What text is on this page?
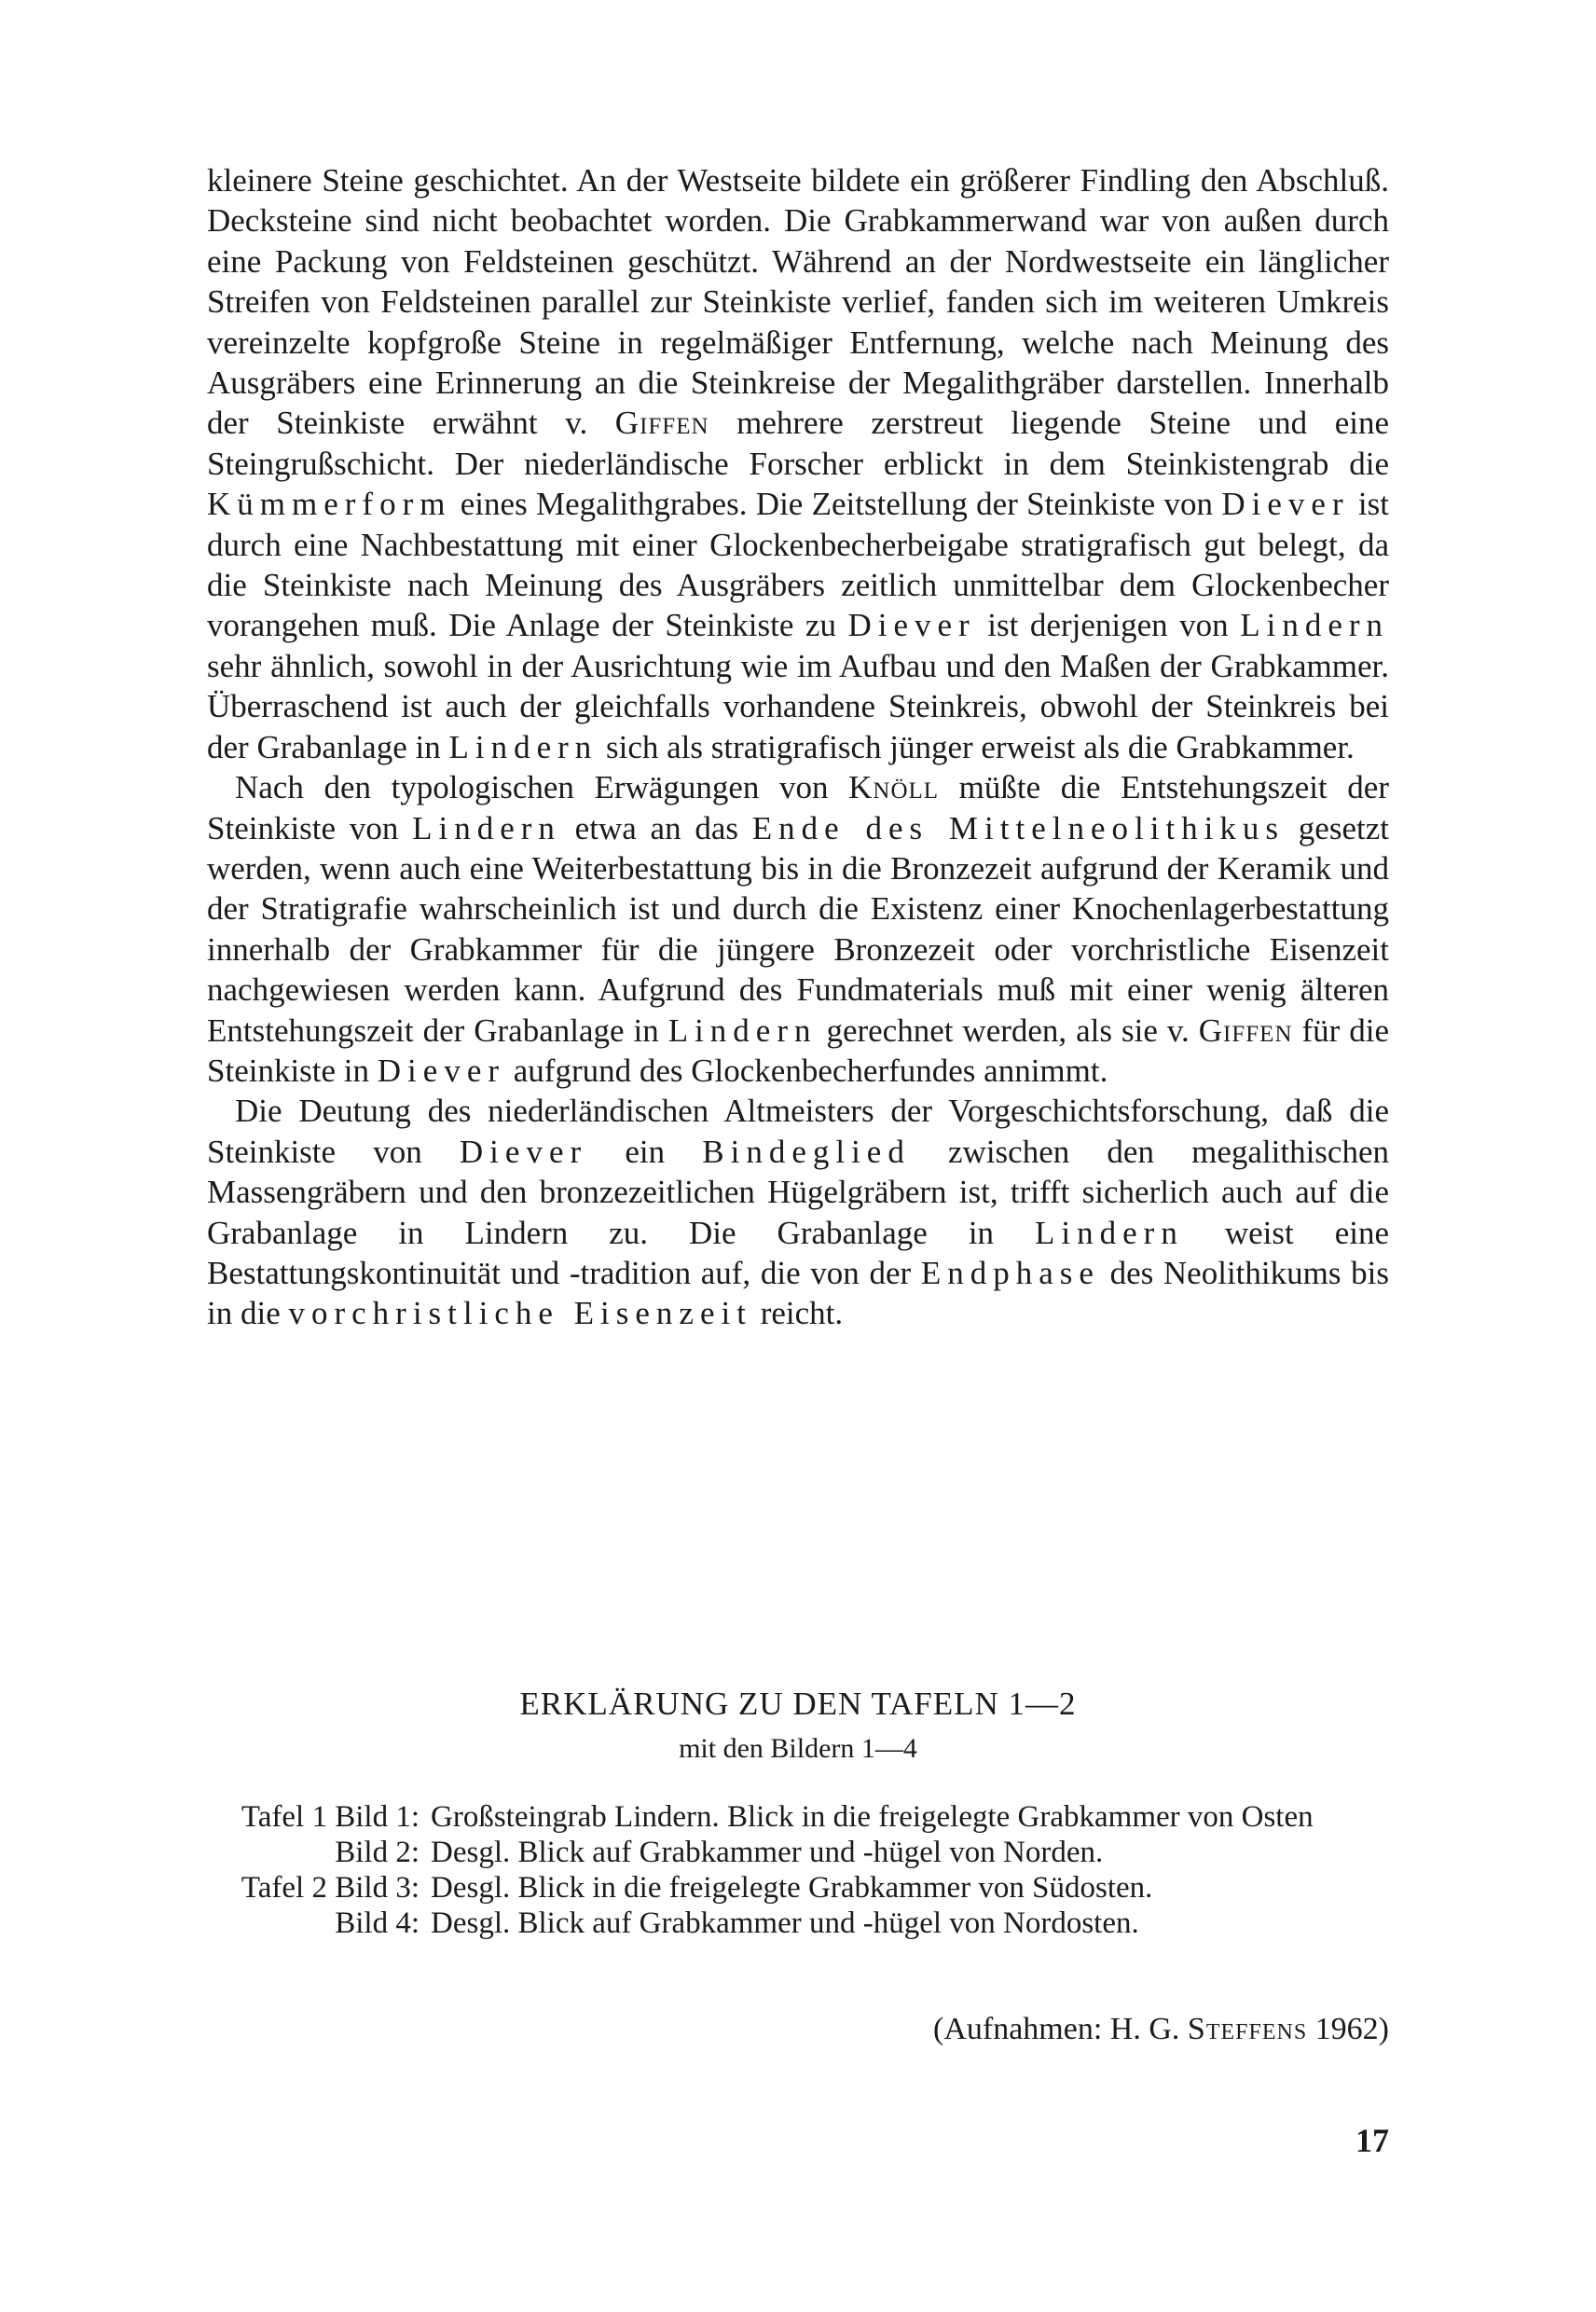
kleinere Steine geschichtet. An der Westseite bildete ein größerer Findling den Abschluß. Decksteine sind nicht beobachtet worden. Die Grabkammerwand war von außen durch eine Packung von Feldsteinen geschützt. Während an der Nordwestseite ein länglicher Streifen von Feldsteinen parallel zur Steinkiste verlief, fanden sich im weiteren Umkreis vereinzelte kopfgroße Steine in regelmäßiger Entfernung, welche nach Meinung des Ausgräbers eine Erinnerung an die Steinkreise der Megalithgräber darstellen. Innerhalb der Steinkiste erwähnt v. Giffen mehrere zerstreut liegende Steine und eine Steingrußschicht. Der niederländische Forscher erblickt in dem Steinkistengrab die Kümmerform eines Megalithgrabes. Die Zeitstellung der Steinkiste von Diever ist durch eine Nachbestattung mit einer Glockenbecherbeigabe stratigrafisch gut belegt, da die Steinkiste nach Meinung des Ausgräbers zeitlich unmittelbar dem Glockenbecher vorangehen muß. Die Anlage der Steinkiste zu Diever ist derjenigen von Lindern sehr ähnlich, sowohl in der Ausrichtung wie im Aufbau und den Maßen der Grabkammer. Überraschend ist auch der gleichfalls vorhandene Steinkreis, obwohl der Steinkreis bei der Grabanlage in Lindern sich als stratigrafisch jünger erweist als die Grabkammer.

Nach den typologischen Erwägungen von Knöll müßte die Entstehungszeit der Steinkiste von Lindern etwa an das Ende des Mittelneolithikus gesetzt werden, wenn auch eine Weiterbestattung bis in die Bronzezeit aufgrund der Keramik und der Stratigrafie wahrscheinlich ist und durch die Existenz einer Knochenlagerbestattung innerhalb der Grabkammer für die jüngere Bronzezeit oder vorchristliche Eisenzeit nachgewiesen werden kann. Aufgrund des Fundmaterials muß mit einer wenig älteren Entstehungszeit der Grabanlage in Lindern gerechnet werden, als sie v. Giffen für die Steinkiste in Diever aufgrund des Glockenbecherfundes annimmt.

Die Deutung des niederländischen Altmeisters der Vorgeschichtsforschung, daß die Steinkiste von Diever ein Bindeglied zwischen den megalithischen Massengräbern und den bronzezeitlichen Hügelgräbern ist, trifft sicherlich auch auf die Grabanlage in Lindern zu. Die Grabanlage in Lindern weist eine Bestattungskontinuität und -tradition auf, die von der Endphase des Neolithikums bis in die vorchristliche Eisenzeit reicht.

ERKLÄRUNG ZU DEN TAFELN 1—2
mit den Bildern 1—4
Tafel 1 Bild 1: Großsteingrab Lindern. Blick in die freigelegte Grabkammer von Osten
Bild 2: Desgl. Blick auf Grabkammer und -hügel von Norden.
Tafel 2 Bild 3: Desgl. Blick in die freigelegte Grabkammer von Südosten.
Bild 4: Desgl. Blick auf Grabkammer und -hügel von Nordosten.
(Aufnahmen: H. G. Steffens 1962)
17
